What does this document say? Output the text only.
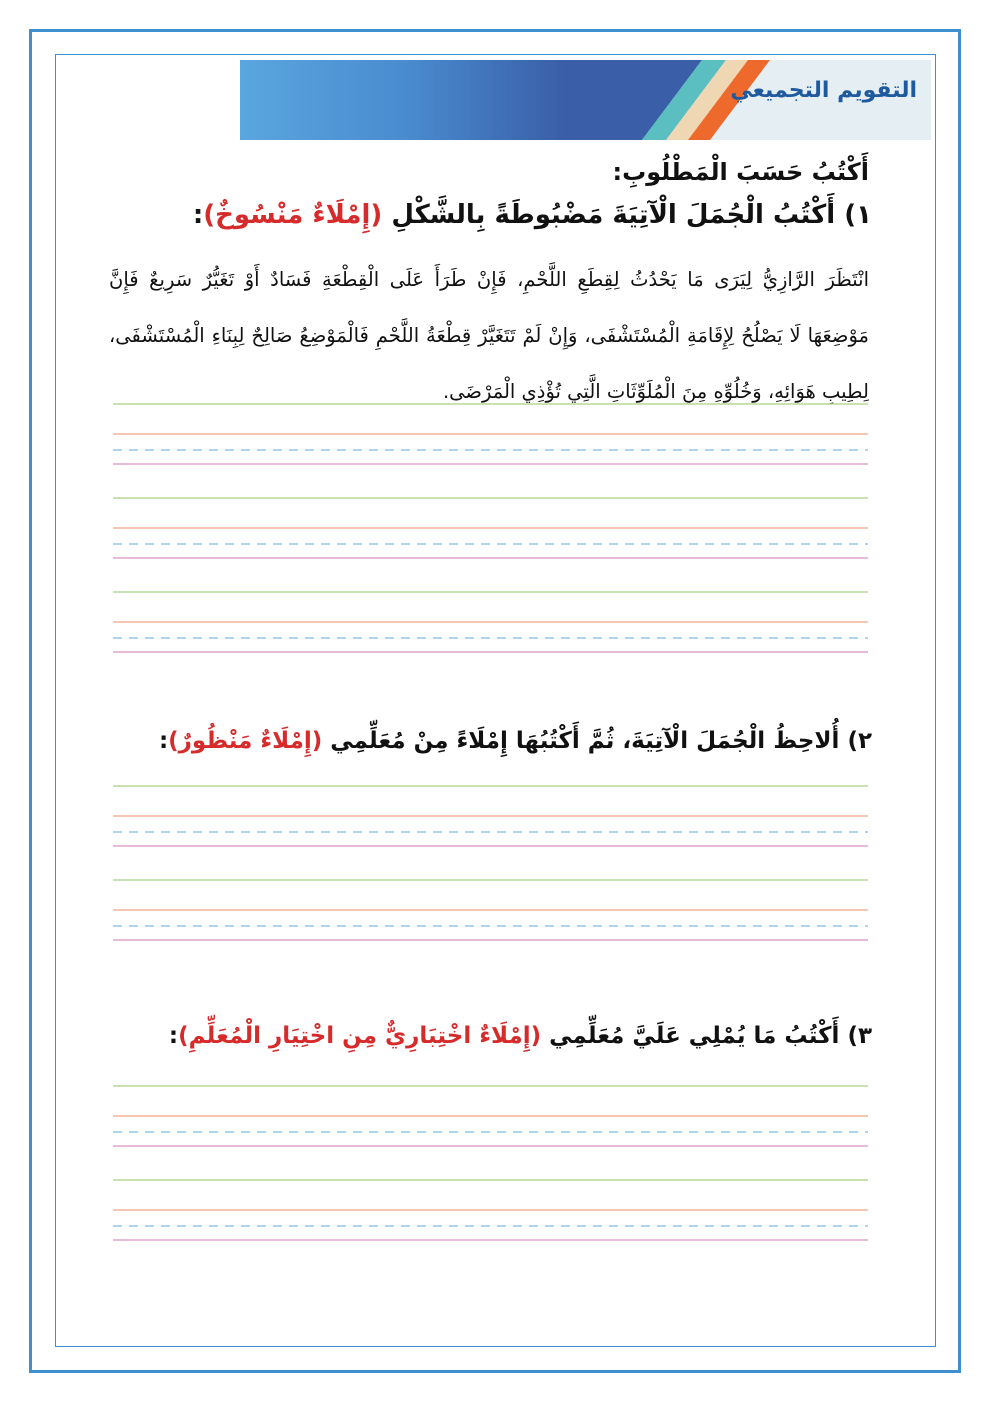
التقويم التجميعي
أَكْتُبُ حَسَبَ الْمَطْلُوبِ:
١) أَكْتُبُ الْجُمَلَ الْآتِيَةَ مَضْبُوطَةً بِالشَّكْلِ (إِمْلَاءٌ مَنْسُوخٌ):
انْتَظَرَ الرَّازِيُّ لِيَرَى مَا يَحْدُثُ لِقِطَعِ اللَّحْمِ، فَإِنْ طَرَأَ عَلَى الْقِطْعَةِ فَسَادٌ أَوْ تَغَيُّرٌ سَرِيعٌ فَإِنَّ مَوْضِعَهَا لَا يَصْلُحُ لِإِقَامَةِ الْمُسْتَشْفَى، وَإِنْ لَمْ تَتَغَيَّرْ قِطْعَةُ اللَّحْمِ فَالْمَوْضِعُ صَالِحٌ لِبِنَاءِ الْمُسْتَشْفَى، لِطِيبِ هَوَائِهِ، وَخُلُوِّهِ مِنَ الْمُلَوِّثَاتِ الَّتِي تُؤْذِي الْمَرْضَى.
٢) أُلاحِظُ الْجُمَلَ الْآتِيَةَ، ثُمَّ أَكْتُبُهَا إِمْلَاءً مِنْ مُعَلِّمِي (إِمْلَاءٌ مَنْظُورٌ):
٣) أَكْتُبُ مَا يُمْلِي عَلَيَّ مُعَلِّمِي (إِمْلَاءٌ اخْتِبَارِيٌّ مِنِ اخْتِيَارِ الْمُعَلِّمِ):
